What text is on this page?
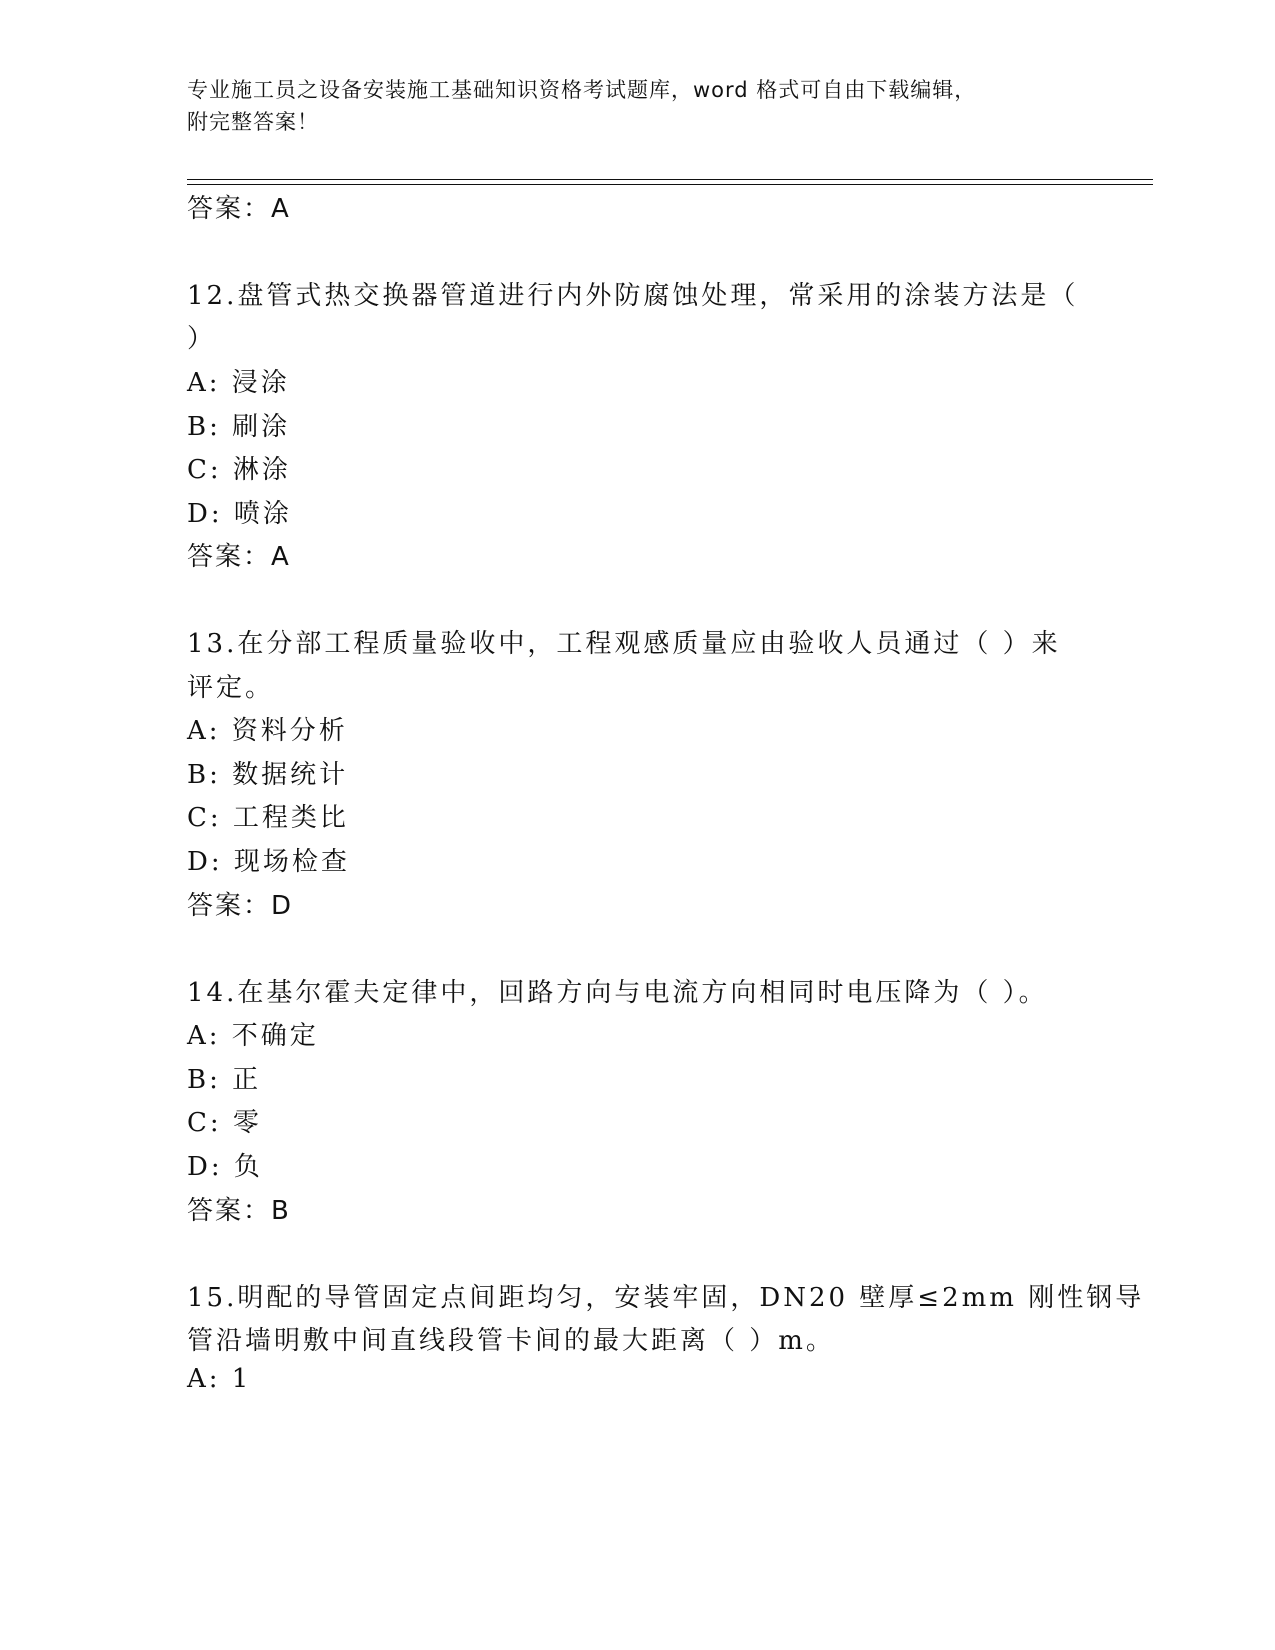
专业施工员之设备安装施工基础知识资格考试题库，word 格式可自由下载编辑，
附完整答案！
答案：A
12.盘管式热交换器管道进行内外防腐蚀处理，常采用的涂装方法是（
）
A: 浸涂
B: 刷涂
C: 淋涂
D: 喷涂
答案：A
13.在分部工程质量验收中，工程观感质量应由验收人员通过（ ）来
评定。
A: 资料分析
B: 数据统计
C: 工程类比
D: 现场检查
答案：D
14.在基尔霍夫定律中，回路方向与电流方向相同时电压降为（ ）。
A: 不确定
B: 正
C: 零
D: 负
答案：B
15.明配的导管固定点间距均匀，安装牢固，DN20 壁厚≤2mm 刚性钢导
管沿墙明敷中间直线段管卡间的最大距离（ ）m。
A: 1
